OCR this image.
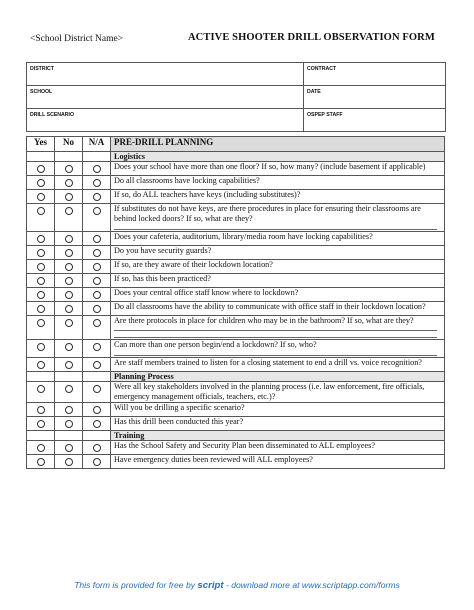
<School District Name>	ACTIVE SHOOTER DRILL OBSERVATION FORM
DISTRICT	CONTRACT
SCHOOL	DATE
DRILL SCENARIO	OSPEP STAFF
Yes	No	N/A	PRE-DRILL PLANNING
			Logistics
			Does your school have more than one floor? If so, how many? (include basement if applicable)
			Do all classrooms have locking capabilities?
			If so, do ALL teachers have keys (including substitutes)?
			If substitutes do not have keys, are there procedures in place for ensuring their classrooms are behind locked doors? If so, what are they?

			Does your cafeteria, auditorium, library/media room have locking capabilities?
			Do you have security guards?
			If so, are they aware of their lockdown location?
			If so, has this been practiced?
			Does your central office staff know where to lockdown?
			Do all classrooms have the ability to communicate with office staff in their lockdown location?
			Are there protocols in place for children who may be in the bathroom? If so, what are they?

			Can more than one person begin/end a lockdown? If so, who?

			Are staff members trained to listen for a closing statement to end a drill vs. voice recognition?
			Planning Process
			Were all key stakeholders involved in the planning process (i.e. law enforcement, fire officials, emergency management officials, teachers, etc.)?
			Will you be drilling a specific scenario?
			Has this drill been conducted this year?
			Training
			Has the School Safety and Security Plan been disseminated to ALL employees?
			Have emergency duties been reviewed will ALL employees?
This form is provided for free by script - download more at www.scriptapp.com/forms
